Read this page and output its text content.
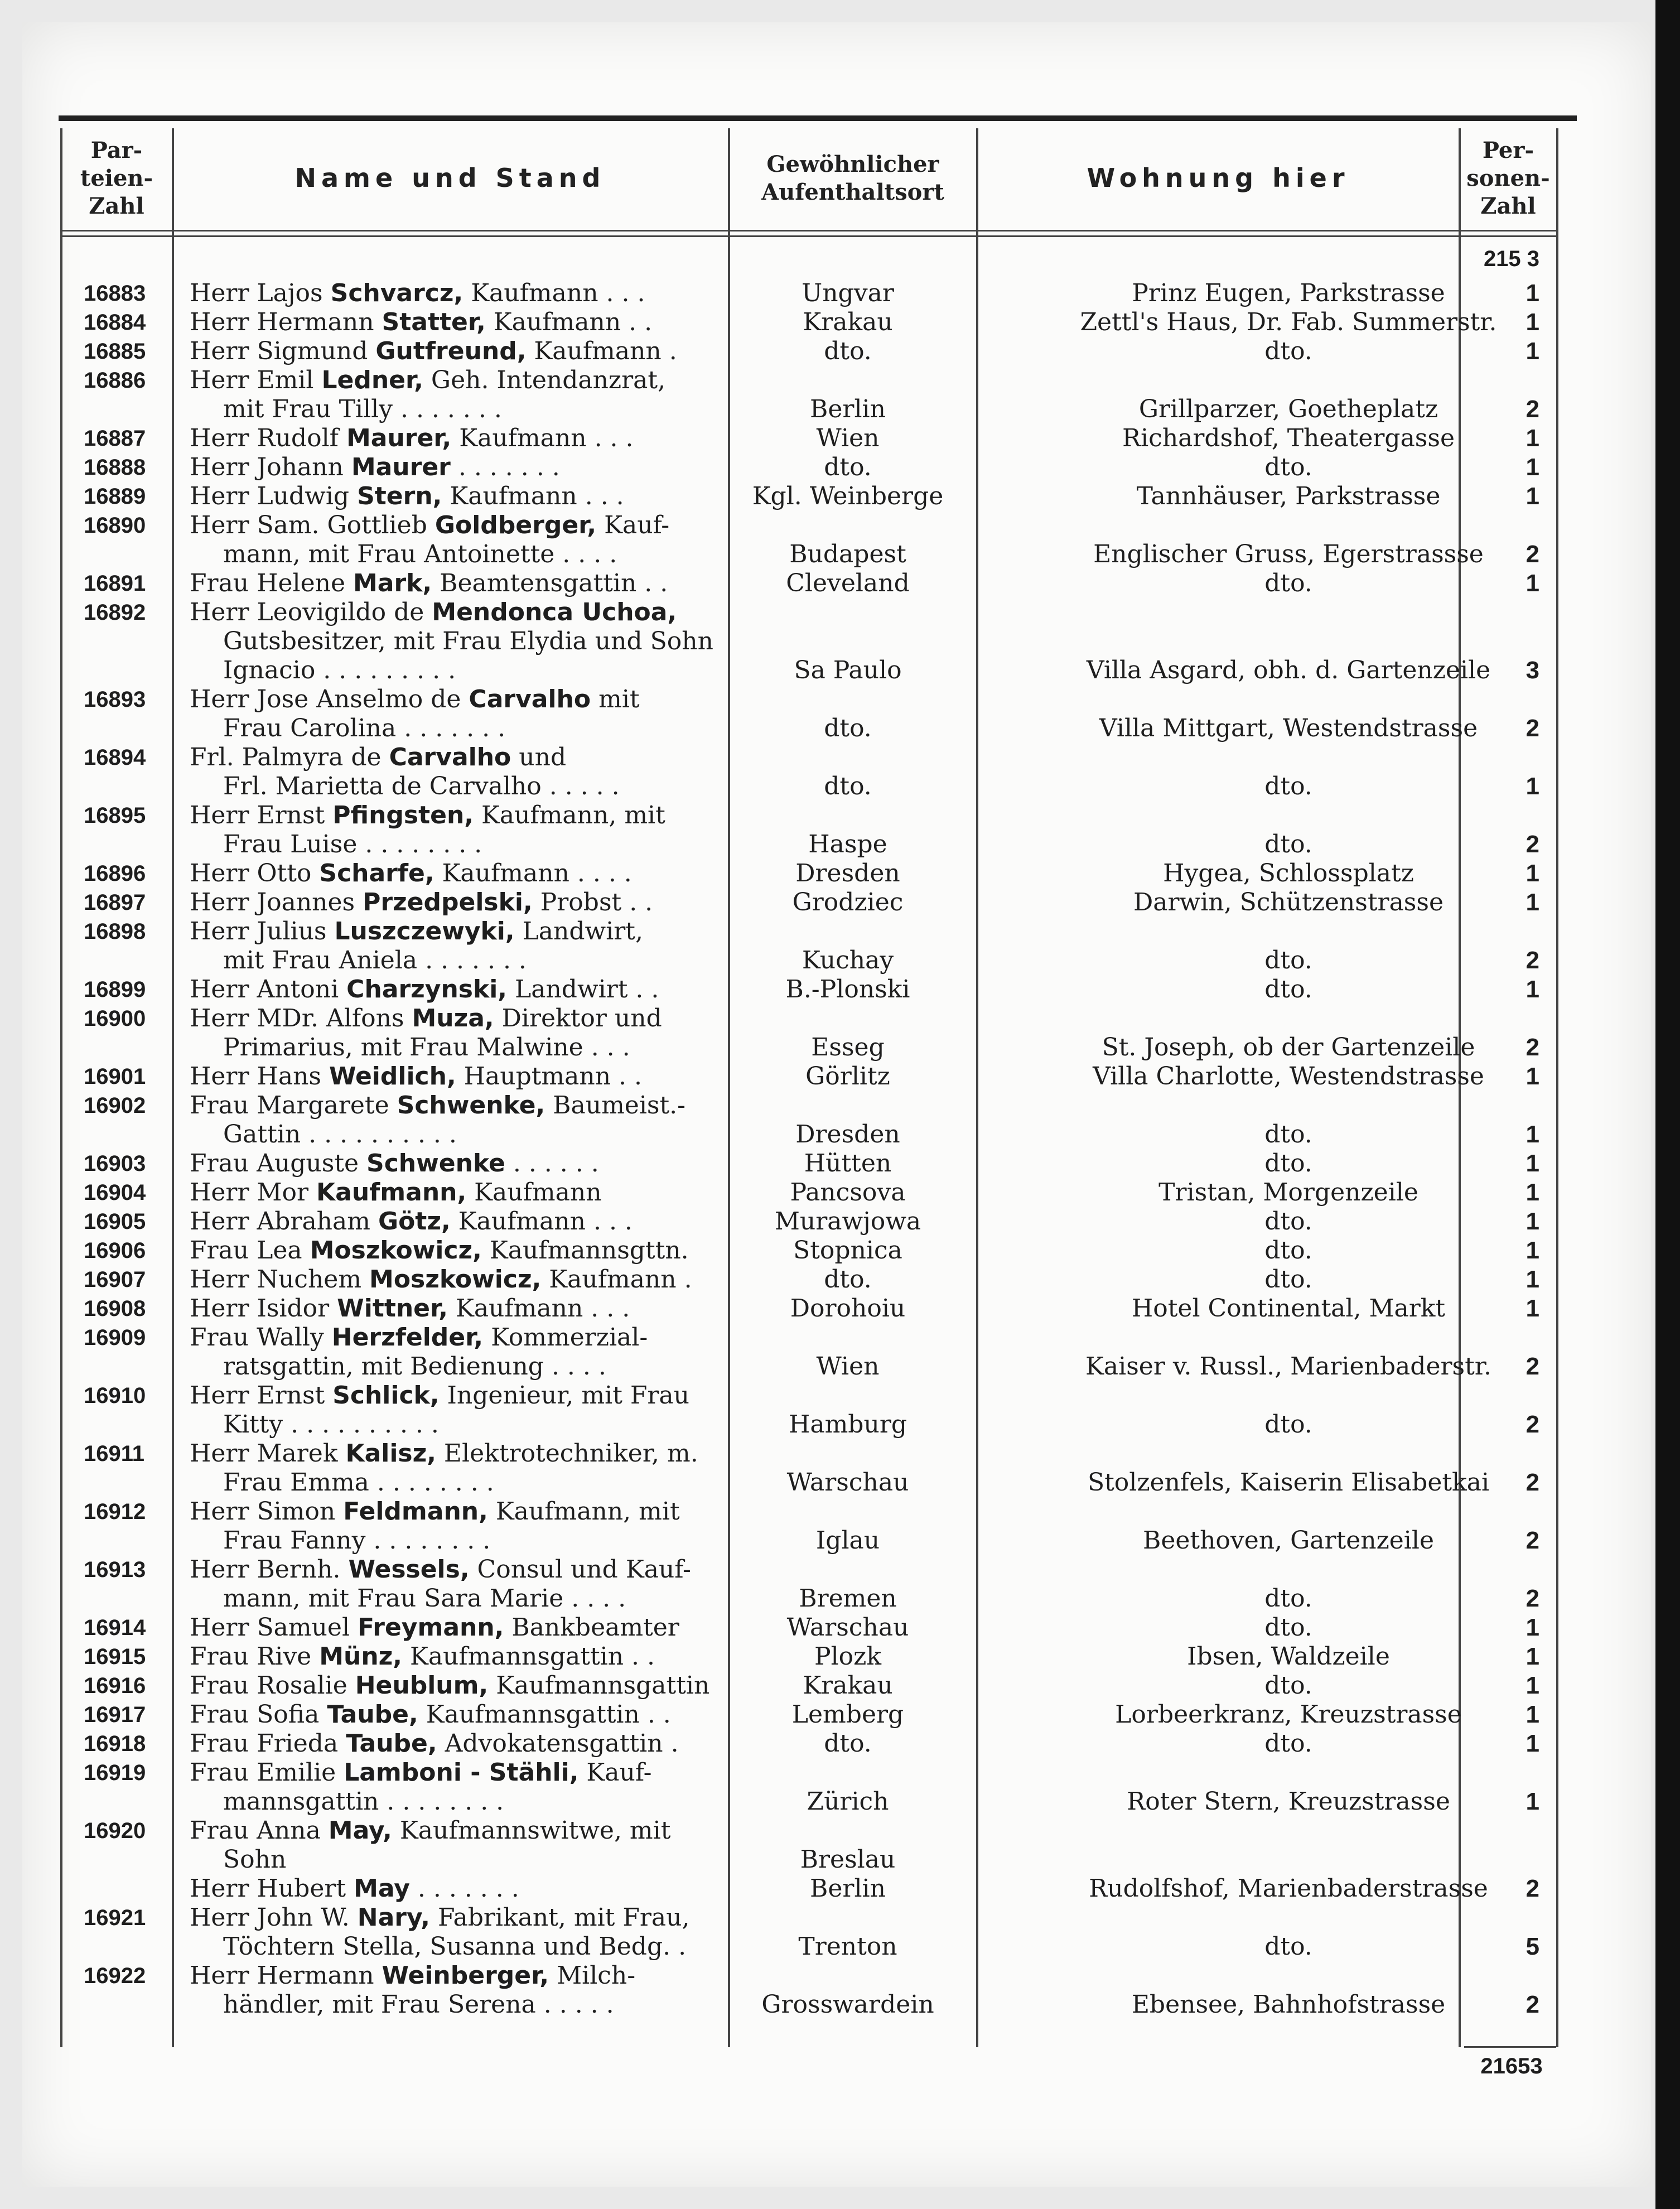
Par-
teien-
Zahl
Name und Stand	Gewöhnlicher
Aufenthaltsort	Wohnung hier
Per-
sonen-
Zahl
215 3
16883 Herr Lajos Schvarcz, Kaufmann . . .	Ungvar	Prinz Eugen, Parkstrasse	1
16884 Herr Hermann Statter, Kaufmann . .	Krakau	Zettl's Haus, Dr. Fab. Summerstr.	1
16885 Herr Sigmund Gutfreund, Kaufmann .	dto.	dto.	1
16886 Herr Emil Ledner, Geh. Intendanzrat,
mit Frau Tilly . . . . . . .	Berlin	Grillparzer, Goetheplatz	2
16887 Herr Rudolf Maurer, Kaufmann . . .	Wien	Richardshof, Theatergasse	1
16888 Herr Johann Maurer . . . . . . .	dto.	dto.	1
16889 Herr Ludwig Stern, Kaufmann . . .	Kgl. Weinberge	Tannhäuser, Parkstrasse	1
16890 Herr Sam. Gottlieb Goldberger, Kauf-
mann, mit Frau Antoinette . . . .	Budapest	Englischer Gruss, Egerstrassse	2
16891 Frau Helene Mark, Beamtensgattin . .	Cleveland	dto.	1
16892 Herr Leovigildo de Mendonca Uchoa,
Gutsbesitzer, mit Frau Elydia und Sohn
Ignacio . . . . . . . . .	Sa Paulo	Villa Asgard, obh. d. Gartenzeile	3
16893 Herr Jose Anselmo de Carvalho mit
Frau Carolina . . . . . . .	dto.	Villa Mittgart, Westendstrasse	2
16894 Frl. Palmyra de Carvalho und
Frl. Marietta de Carvalho . . . . .	dto.	dto.	1
16895 Herr Ernst Pfingsten, Kaufmann, mit
Frau Luise . . . . . . . .	Haspe	dto.	2
16896 Herr Otto Scharfe, Kaufmann . . . .	Dresden	Hygea, Schlossplatz	1
16897 Herr Joannes Przedpelski, Probst . .	Grodziec	Darwin, Schützenstrasse	1
16898 Herr Julius Luszczewyki, Landwirt,
mit Frau Aniela . . . . . . .	Kuchay	dto.	2
16899 Herr Antoni Charzynski, Landwirt . .	B.-Plonski	dto.	1
16900 Herr MDr. Alfons Muza, Direktor und
Primarius, mit Frau Malwine . . .	Esseg	St. Joseph, ob der Gartenzeile	2
16901 Herr Hans Weidlich, Hauptmann . .	Görlitz	Villa Charlotte, Westendstrasse	1
16902 Frau Margarete Schwenke, Baumeist.-
Gattin . . . . . . . . . .	Dresden	dto.	1
16903 Frau Auguste Schwenke . . . . . .	Hütten	dto.	1
16904 Herr Mor Kaufmann, Kaufmann	Pancsova	Tristan, Morgenzeile	1
16905 Herr Abraham Götz, Kaufmann . . .	Murawjowa	dto.	1
16906 Frau Lea Moszkowicz, Kaufmannsgttn.	Stopnica	dto.	1
16907 Herr Nuchem Moszkowicz, Kaufmann .	dto.	dto.	1
16908 Herr Isidor Wittner, Kaufmann . . .	Dorohoiu	Hotel Continental, Markt	1
16909 Frau Wally Herzfelder, Kommerzial-
ratsgattin, mit Bedienung . . . .	Wien	Kaiser v. Russl., Marienbaderstr.	2
16910 Herr Ernst Schlick, Ingenieur, mit Frau
Kitty . . . . . . . . . .	Hamburg	dto.	2
16911 Herr Marek Kalisz, Elektrotechniker, m.
Frau Emma . . . . . . . .	Warschau	Stolzenfels, Kaiserin Elisabetkai	2
16912 Herr Simon Feldmann, Kaufmann, mit
Frau Fanny . . . . . . . .	Iglau	Beethoven, Gartenzeile	2
16913 Herr Bernh. Wessels, Consul und Kauf-
mann, mit Frau Sara Marie . . . .	Bremen	dto.	2
16914 Herr Samuel Freymann, Bankbeamter	Warschau	dto.	1
16915 Frau Rive Münz, Kaufmannsgattin . .	Plozk	Ibsen, Waldzeile	1
16916 Frau Rosalie Heublum, Kaufmannsgattin	Krakau	dto.	1
16917 Frau Sofia Taube, Kaufmannsgattin . .	Lemberg	Lorbeerkranz, Kreuzstrasse	1
16918 Frau Frieda Taube, Advokatensgattin .	dto.	dto.	1
16919 Frau Emilie Lamboni - Stähli, Kauf-
mannsgattin . . . . . . . .	Zürich	Roter Stern, Kreuzstrasse	1
16920 Frau Anna May, Kaufmannswitwe, mit
Sohn	Breslau
Herr Hubert May . . . . . . .	Berlin	Rudolfshof, Marienbaderstrasse	2
16921 Herr John W. Nary, Fabrikant, mit Frau,
Töchtern Stella, Susanna und Bedg. .	Trenton	dto.	5
16922 Herr Hermann Weinberger, Milch-
händler, mit Frau Serena . . . . .	Grosswardein	Ebensee, Bahnhofstrasse	2
21653
